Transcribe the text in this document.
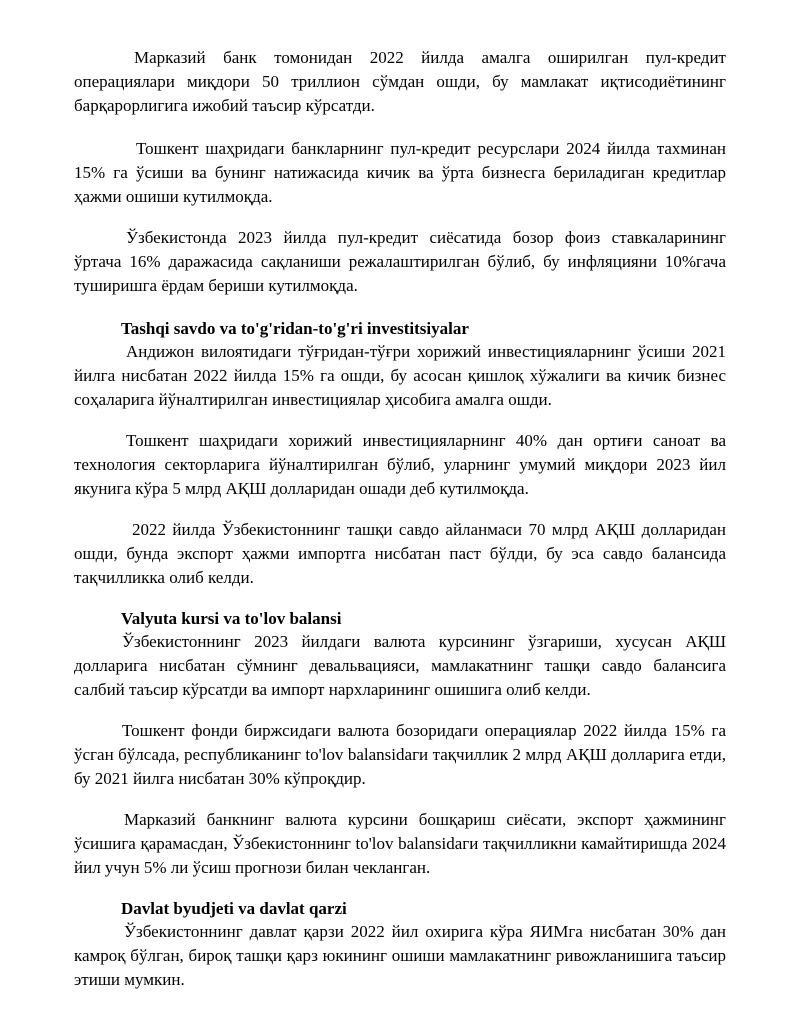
Марказий банк томонидан 2022 йилда амалга оширилган пул-кредит операциялари миқдори 50 триллион сўмдан ошди, бу мамлакат иқтисодиётининг барқарорлигига ижобий таъсир кўрсатди.

Тошкент шаҳридаги банкларнинг пул-кредит ресурслари 2024 йилда тахминан 15% га ўсиши ва бунинг натижасида кичик ва ўрта бизнесга бериладиган кредитлар ҳажми ошиши кутилмоқда.

Ўзбекистонда 2023 йилда пул-кредит сиёсатида бозор фоиз ставкаларининг ўртача 16% даражасида сақланиши режалаштирилган бўлиб, бу инфляцияни 10%гача туширишга ёрдам бериши кутилмоқда.

Tashqi savdo va to'g'ridan-to'g'ri investitsiyalar

Андижон вилоятидаги тўғридан-тўғри хорижий инвестицияларнинг ўсиши 2021 йилга нисбатан 2022 йилда 15% га ошди, бу асосан қишлоқ хўжалиги ва кичик бизнес соҳаларига йўналтирилган инвестициялар ҳисобига амалга ошди.

Тошкент шаҳридаги хорижий инвестицияларнинг 40% дан ортиғи саноат ва технология секторларига йўналтирилган бўлиб, уларнинг умумий миқдори 2023 йил якунига кўра 5 млрд АҚШ долларидан ошади деб кутилмоқда.

2022 йилда Ўзбекистоннинг ташқи савдо айланмаси 70 млрд АҚШ долларидан ошди, бунда экспорт ҳажми импортга нисбатан паст бўлди, бу эса савдо балансида тақчилликка олиб келди.

Valyuta kursi va to'lov balansi

Ўзбекистоннинг 2023 йилдаги валюта курсининг ўзгариши, хусусан АҚШ долларига нисбатан сўмнинг девальвацияси, мамлакатнинг ташқи савдо балансига салбий таъсир кўрсатди ва импорт нархларининг ошишига олиб келди.

Тошкент фонди биржсидаги валюта бозоридаги операциялар 2022 йилда 15% га ўсган бўлсада, республиканинг to'lov balansidаги тақчиллик 2 млрд АҚШ долларига етди, бу 2021 йилга нисбатан 30% кўпроқдир.

Марказий банкнинг валюта курсини бошқариш сиёсати, экспорт ҳажмининг ўсишига қарамасдан, Ўзбекистоннинг to'lov balansidаги тақчилликни камайтиришда 2024 йил учун 5% ли ўсиш прогнози билан чекланган.

Davlat byudjeti va davlat qarzi

Ўзбекистоннинг давлат қарзи 2022 йил охирига кўра ЯИМга нисбатан 30% дан камроқ бўлган, бироқ ташқи қарз юкининг ошиши мамлакатнинг ривожланишига таъсир этиши мумкин.
